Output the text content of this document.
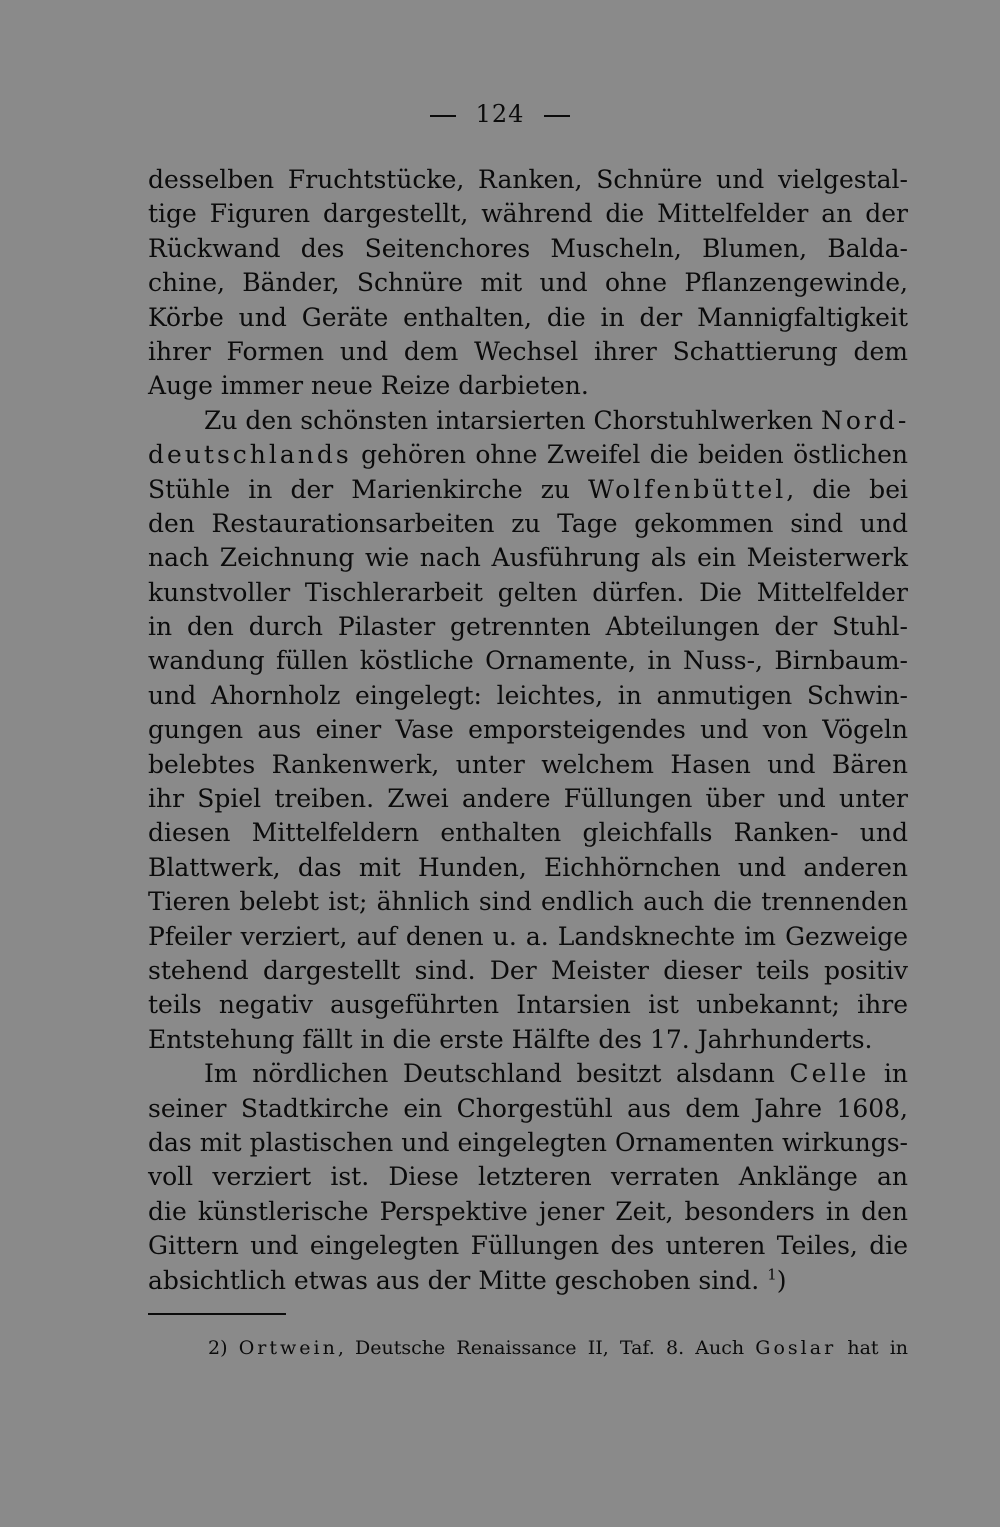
124
desselben Fruchtstücke, Ranken, Schnüre und vielgestal-
tige Figuren dargestellt, während die Mittelfelder an der
Rückwand des Seitenchores Muscheln, Blumen, Balda-
chine, Bänder, Schnüre mit und ohne Pflanzengewinde,
Körbe und Geräte enthalten, die in der Mannigfaltigkeit
ihrer Formen und dem Wechsel ihrer Schattierung dem
Auge immer neue Reize darbieten.
Zu den schönsten intarsierten Chorstuhlwerken Nord-
deutschlands gehören ohne Zweifel die beiden östlichen
Stühle in der Marienkirche zu Wolfenbüttel, die bei
den Restaurationsarbeiten zu Tage gekommen sind und
nach Zeichnung wie nach Ausführung als ein Meisterwerk
kunstvoller Tischlerarbeit gelten dürfen. Die Mittelfelder
in den durch Pilaster getrennten Abteilungen der Stuhl-
wandung füllen köstliche Ornamente, in Nuss-, Birnbaum-
und Ahornholz eingelegt: leichtes, in anmutigen Schwin-
gungen aus einer Vase emporsteigendes und von Vögeln
belebtes Rankenwerk, unter welchem Hasen und Bären
ihr Spiel treiben. Zwei andere Füllungen über und unter
diesen Mittelfeldern enthalten gleichfalls Ranken- und
Blattwerk, das mit Hunden, Eichhörnchen und anderen
Tieren belebt ist; ähnlich sind endlich auch die trennenden
Pfeiler verziert, auf denen u. a. Landsknechte im Gezweige
stehend dargestellt sind. Der Meister dieser teils positiv
teils negativ ausgeführten Intarsien ist unbekannt; ihre
Entstehung fällt in die erste Hälfte des 17. Jahrhunderts.
Im nördlichen Deutschland besitzt alsdann Celle in
seiner Stadtkirche ein Chorgestühl aus dem Jahre 1608,
das mit plastischen und eingelegten Ornamenten wirkungs-
voll verziert ist. Diese letzteren verraten Anklänge an
die künstlerische Perspektive jener Zeit, besonders in den
Gittern und eingelegten Füllungen des unteren Teiles, die
absichtlich etwas aus der Mitte geschoben sind. $^1$)
2) Ortwein, Deutsche Renaissance II, Taf. 8. Auch Goslar hat in
